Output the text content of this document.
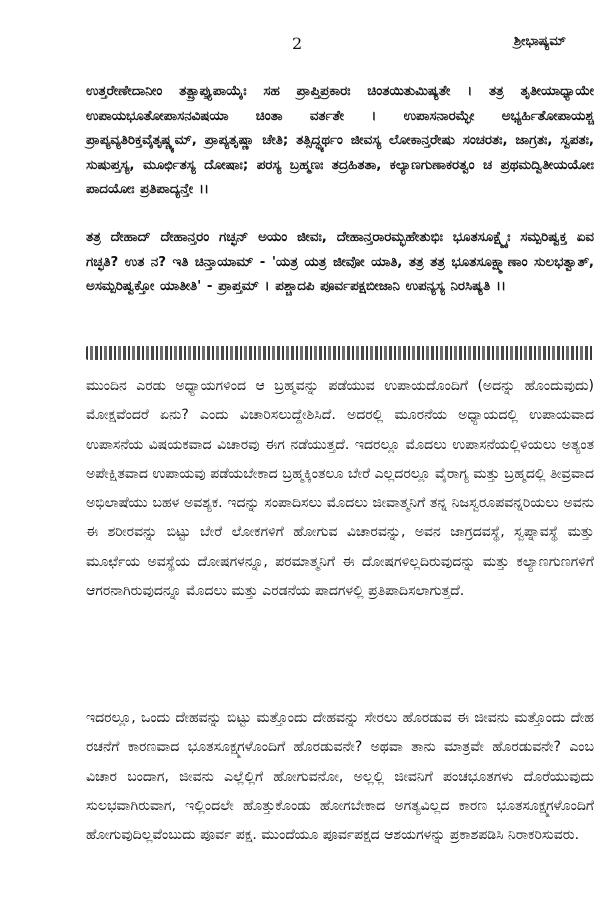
2	ಶ್ರೀಭಾಷ್ಯಮ್

ಉತ್ತರೇಣೇದಾನೀಂ ತತ್ಪ್ರಾಪ್ತ್ಯುಪಾಯೈಃ ಸಹ ಪ್ರಾಪ್ತಿಪ್ರಕಾರಃ ಚಿಂತಯಿತುಮಿಷ್ಯತೇ । ತತ್ರ ತೃತೀಯಾಧ್ಯಾಯೇ ಉಪಾಯಭೂತೋಪಾಸನವಿಷಯಾ ಚಿಂತಾ ವರ್ತತೇ । ಉಪಾಸನಾರಮ್ಭೇ ಅಭ್ಯರ್ಹಿತೋಪಾಯಶ್ಚ ಪ್ರಾಪ್ಯವ್ಯತಿರಿಕ್ತವೈತೃಷ್ಣ್ಯಮ್, ಪ್ರಾಪ್ಯತೃಷ್ಣಾ ಚೇತಿ; ತತ್ಸಿದ್ಧ್ಯರ್ಥಂ ಜೀವಸ್ಯ ಲೋಕಾನ್ತರೇಷು ಸಂಚರತಃ, ಜಾಗ್ರತಃ, ಸ್ವಪತಃ, ಸುಷುಪ್ತಸ್ಯ, ಮೂರ್ಛಿತಸ್ಯ ದೋಷಾಃ; ಪರಸ್ಯ ಬ್ರಹ್ಮಣಃ ತದ್ರಹಿತತಾ, ಕಲ್ಯಾಣಗುಣಾಕರತ್ವಂ ಚ ಪ್ರಥಮದ್ವಿತೀಯಯೋಃ ಪಾದಯೋಃ ಪ್ರತಿಪಾದ್ಯನ್ತೇ ।।

ತತ್ರ ದೇಹಾದ್ ದೇಹಾನ್ತರಂ ಗಚ್ಛನ್ ಅಯಂ ಜೀವಃ, ದೇಹಾನ್ತರಾರಮ್ಭಹೇತುಭಿಃ ಭೂತಸೂಕ್ಷ್ಮೈಃ ಸಮ್ಪರಿಷ್ವಕ್ತ ಏವ ಗಚ್ಛತಿ? ಉತ ನ? ಇತಿ ಚಿನ್ತಾಯಾಮ್ - 'ಯತ್ರ ಯತ್ರ ಜೀವೋ ಯಾತಿ, ತತ್ರ ತತ್ರ ಭೂತಸೂಕ್ಷ್ಮಾಣಾಂ ಸುಲಭತ್ವಾತ್, ಅಸಮ್ಪರಿಷ್ವಕ್ತೋ ಯಾತೀತಿ' - ಪ್ರಾಪ್ತಮ್ । ಪಶ್ಚಾದಪಿ ಪೂರ್ವಪಕ್ಷಬೀಜಾನಿ ಉಪನ್ಯಸ್ಯ ನಿರಸಿಷ್ಯತಿ ।।

ಮುಂದಿನ ಎರಡು ಅಧ್ಯಾಯಗಳಿಂದ ಆ ಬ್ರಹ್ಮವನ್ನು ಪಡೆಯುವ ಉಪಾಯದೊಂದಿಗೆ (ಅದನ್ನು ಹೊಂದುವುದು) ಮೋಕ್ಷವೆಂದರೆ ಏನು? ಎಂದು ವಿಚಾರಿಸಲುದ್ದೇಶಿಸಿದೆ. ಅದರಲ್ಲಿ ಮೂರನೆಯ ಅಧ್ಯಾಯದಲ್ಲಿ ಉಪಾಯವಾದ ಉಪಾಸನೆಯ ವಿಷಯಕವಾದ ವಿಚಾರವು ಈಗ ನಡೆಯುತ್ತದೆ. ಇದರಲ್ಲೂ ಮೊದಲು ಉಪಾಸನೆಯಲ್ಲಿಳಿಯಲು ಅತ್ಯಂತ ಅಪೇಕ್ಷಿತವಾದ ಉಪಾಯವು ಪಡೆಯಬೇಕಾದ ಬ್ರಹ್ಮಕ್ಕಿಂತಲೂ ಬೇರೆ ಎಲ್ಲದರಲ್ಲೂ ವೈರಾಗ್ಯ ಮತ್ತು ಬ್ರಹ್ಮದಲ್ಲಿ ತೀವ್ರವಾದ ಅಭಿಲಾಷೆಯು ಬಹಳ ಅವಶ್ಯಕ. ಇದನ್ನು ಸಂಪಾದಿಸಲು ಮೊದಲು ಜೀವಾತ್ಮನಿಗೆ ತನ್ನ ನಿಜಸ್ವರೂಪವನ್ನರಿಯಲು ಅವನು ಈ ಶರೀರವನ್ನು ಬಿಟ್ಟು ಬೇರೆ ಲೋಕಗಳಿಗೆ ಹೋಗುವ ವಿಚಾರವನ್ನು, ಅವನ ಜಾಗ್ರದವಸ್ಥೆ, ಸ್ವಪ್ನಾವಸ್ಥೆ ಮತ್ತು ಮೂರ್ಛೆಯ ಅವಸ್ಥೆಯ ದೋಷಗಳನ್ನೂ, ಪರಮಾತ್ಮನಿಗೆ ಈ ದೋಷಗಳಿಲ್ಲದಿರುವುದನ್ನು ಮತ್ತು ಕಲ್ಯಾಣಗುಣಗಳಿಗೆ ಆಗರನಾಗಿರುವುದನ್ನೂ ಮೊದಲು ಮತ್ತು ಎರಡನೆಯ ಪಾದಗಳಲ್ಲಿ ಪ್ರತಿಪಾದಿಸಲಾಗುತ್ತದೆ.

ಇದರಲ್ಲೂ, ಒಂದು ದೇಹವನ್ನು ಬಿಟ್ಟು ಮತ್ತೊಂದು ದೇಹವನ್ನು ಸೇರಲು ಹೊರಡುವ ಈ ಜೀವನು ಮತ್ತೊಂದು ದೇಹ ರಚನೆಗೆ ಕಾರಣವಾದ ಭೂತಸೂಕ್ಷ್ಮಗಳೊಂದಿಗೆ ಹೊರಡುವನೇ? ಅಥವಾ ತಾನು ಮಾತ್ರವೇ ಹೊರಡುವನೇ? ಎಂಬ ವಿಚಾರ ಬಂದಾಗ, ಜೀವನು ಎಲ್ಲೆಲ್ಲಿಗೆ ಹೋಗುವನೋ, ಅಲ್ಲಲ್ಲಿ ಜೀವನಿಗೆ ಪಂಚಭೂತಗಳು ದೊರೆಯುವುದು ಸುಲಭವಾಗಿರುವಾಗ, ಇಲ್ಲಿಂದಲೇ ಹೊತ್ತುಕೊಂಡು ಹೋಗಬೇಕಾದ ಅಗತ್ಯವಿಲ್ಲದ ಕಾರಣ ಭೂತಸೂಕ್ಷ್ಮಗಳೊಂದಿಗೆ ಹೋಗುವುದಿಲ್ಲವೆಂಬುದು ಪೂರ್ವ ಪಕ್ಷ. ಮುಂದೆಯೂ ಪೂರ್ವಪಕ್ಷದ ಆಶಯಗಳನ್ನು ಪ್ರಕಾಶಪಡಿಸಿ ನಿರಾಕರಿಸುವರು.
